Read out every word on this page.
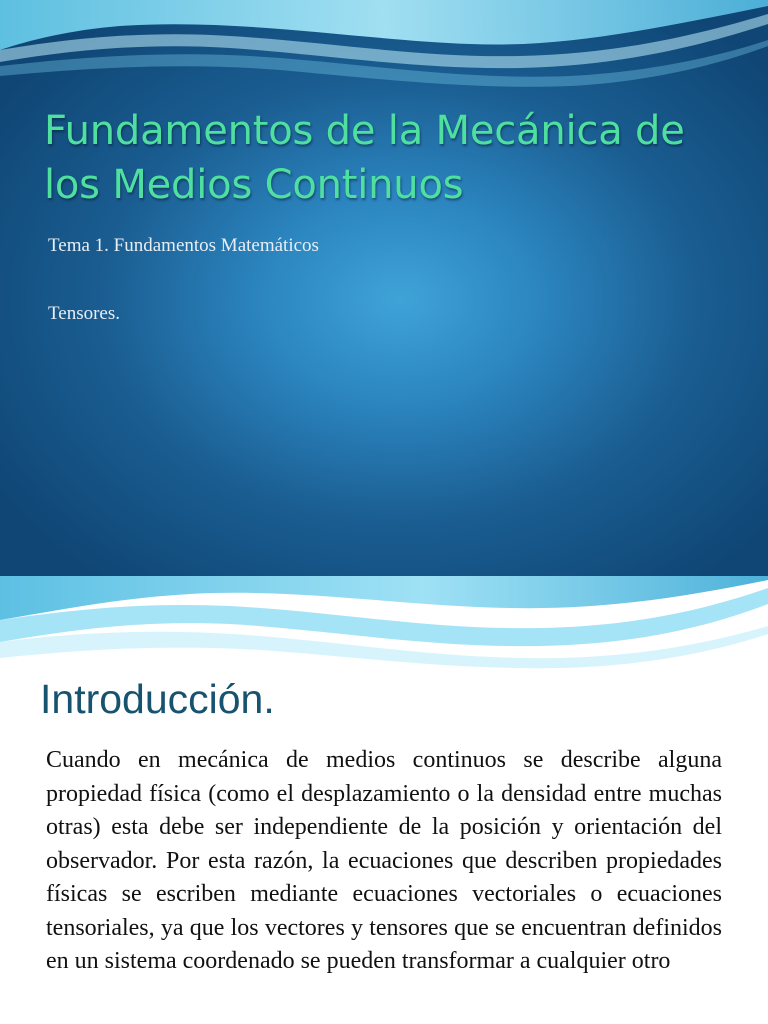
Fundamentos de la Mecánica de los Medios Continuos

Tema 1. Fundamentos Matemáticos

Tensores.

Introducción.

Cuando en mecánica de medios continuos se describe alguna propiedad física (como el desplazamiento o la densidad entre muchas otras) esta debe ser independiente de la posición y orientación del observador. Por esta razón, la ecuaciones que describen propiedades físicas se escriben mediante ecuaciones vectoriales o ecuaciones tensoriales, ya que los vectores y tensores que se encuentran definidos en un sistema coordenado se pueden transformar a cualquier otro
